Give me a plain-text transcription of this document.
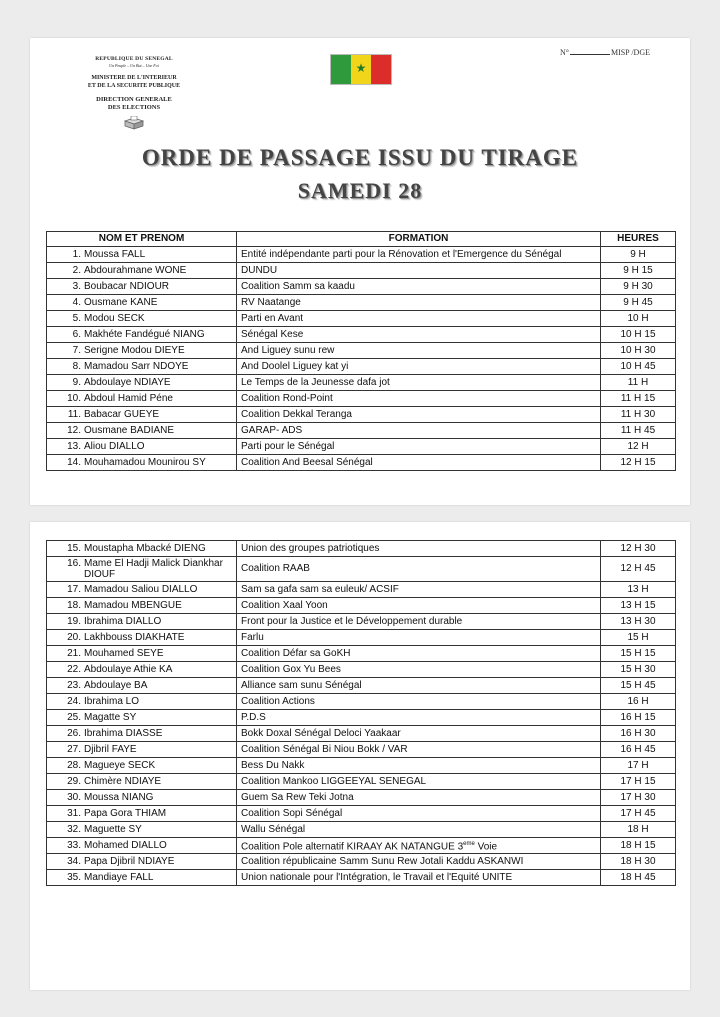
REPUBLIQUE DU SENEGAL
Un Peuple – Un But – Une Foi
MINISTERE DE L'INTERIEUR
ET DE LA SECURITE PUBLIQUE
DIRECTION GENERALE
DES ELECTIONS
★
N°	MISP /DGE
ORDE DE PASSAGE ISSU DU TIRAGE
SAMEDI 28
NOM ET PRENOM	FORMATION	HEURES

1. Moussa FALL	Entité indépendante parti pour la Rénovation et l'Emergence du Sénégal	9 H

2. Abdourahmane WONE	DUNDU	9 H 15

3. Boubacar NDIOUR	Coalition Samm sa kaadu	9 H 30

4. Ousmane KANE	RV Naatange	9 H 45

5. Modou SECK	Parti en Avant	10 H

6. Makhéte Fandégué NIANG	Sénégal Kese	10 H 15

7. Serigne Modou DIEYE	And Liguey sunu rew	10 H 30

8. Mamadou Sarr NDOYE	And Doolel Liguey kat yi	10 H 45

9. Abdoulaye NDIAYE	Le Temps de la Jeunesse dafa jot	11 H

10. Abdoul Hamid Péne	Coalition Rond-Point	11 H 15

11. Babacar GUEYE	Coalition Dekkal Teranga	11 H 30

12. Ousmane BADIANE	GARAP- ADS	11 H 45

13. Aliou DIALLO	Parti pour le Sénégal	12 H

14. Mouhamadou Mounirou SY	Coalition And Beesal Sénégal	12 H 15
15. Moustapha Mbacké DIENG	Union des groupes patriotiques	12 H 30

16. Mame El Hadji Malick Diankhar DIOUF	Coalition RAAB	12 H 45

17. Mamadou Saliou DIALLO	Sam sa gafa sam sa euleuk/ ACSIF	13 H

18. Mamadou MBENGUE	Coalition Xaal Yoon	13 H 15

19. Ibrahima DIALLO	Front pour la Justice et le Développement durable	13 H 30

20. Lakhbouss DIAKHATE	Farlu	15 H

21. Mouhamed SEYE	Coalition Défar sa GoKH	15 H 15

22. Abdoulaye Athie KA	Coalition Gox Yu Bees	15 H 30

23. Abdoulaye BA	Alliance sam sunu Sénégal	15 H 45

24. Ibrahima LO	Coalition Actions	16 H

25. Magatte SY	P.D.S	16 H 15

26. Ibrahima DIASSE	Bokk Doxal Sénégal Deloci Yaakaar	16 H 30

27. Djibril FAYE	Coalition Sénégal Bi Niou Bokk / VAR	16 H 45

28. Magueye SECK	Bess Du Nakk	17 H

29. Chimère NDIAYE	Coalition Mankoo LIGGEEYAL SENEGAL	17 H 15

30. Moussa NIANG	Guem Sa Rew Teki Jotna	17 H 30

31. Papa Gora THIAM	Coalition Sopi Sénégal	17 H 45

32. Maguette SY	Wallu Sénégal	18 H

33. Mohamed DIALLO	Coalition Pole alternatif KIRAAY AK NATANGUE 3eme Voie	18 H 15

34. Papa Djibril NDIAYE	Coalition républicaine Samm Sunu Rew Jotali Kaddu ASKANWI	18 H 30

35. Mandiaye FALL	Union nationale pour l'Intégration, le Travail et l'Equité UNITE	18 H 45
